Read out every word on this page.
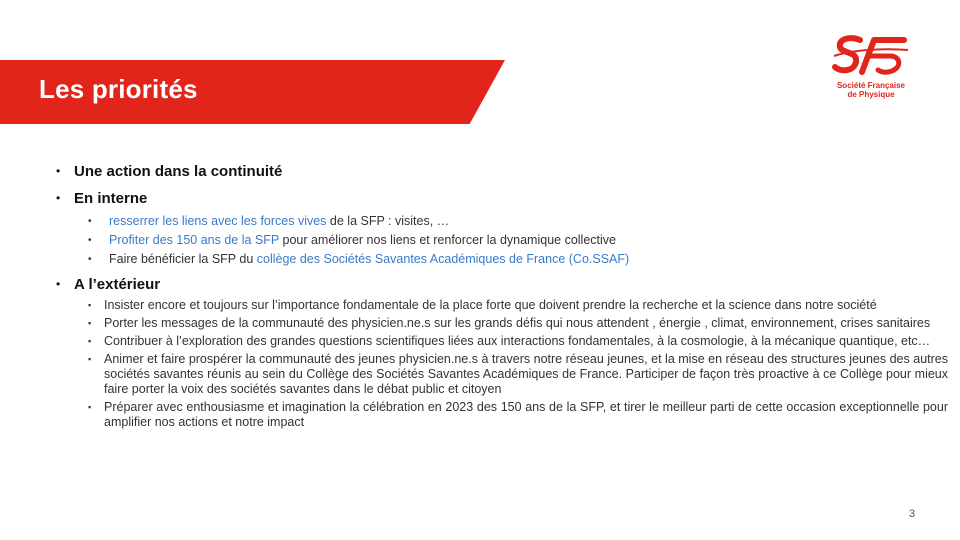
Les priorités	Société Française
de Physique
• Une action dans la continuité
• En interne
• resserrer les liens avec les forces vives de la SFP : visites, …
• Profiter des 150 ans de la SFP pour améliorer nos liens et renforcer la dynamique collective
• Faire bénéficier la SFP du collège des Sociétés Savantes Académiques de France (Co.SSAF)
• A l’extérieur
▪ Insister encore et toujours sur l’importance fondamentale de la place forte que doivent prendre la recherche et la science dans notre société
▪ Porter les messages de la communauté des physicien.ne.s sur les grands défis qui nous attendent , énergie , climat, environnement, crises sanitaires
▪ Contribuer à l’exploration des grandes questions scientifiques liées aux interactions fondamentales, à la cosmologie, à la mécanique quantique, etc…
▪ Animer et faire prospérer la communauté des jeunes physicien.ne.s à travers notre réseau jeunes, et la mise en réseau des structures jeunes des autres sociétés savantes réunis au sein du Collège des Sociétés Savantes Académiques de France. Participer de façon très proactive à ce Collège pour mieux faire porter la voix des sociétés savantes dans le débat public et citoyen
▪ Préparer avec enthousiasme et imagination la célébration en 2023 des 150 ans de la SFP, et tirer le meilleur parti de cette occasion exceptionnelle pour amplifier nos actions et notre impact
3
